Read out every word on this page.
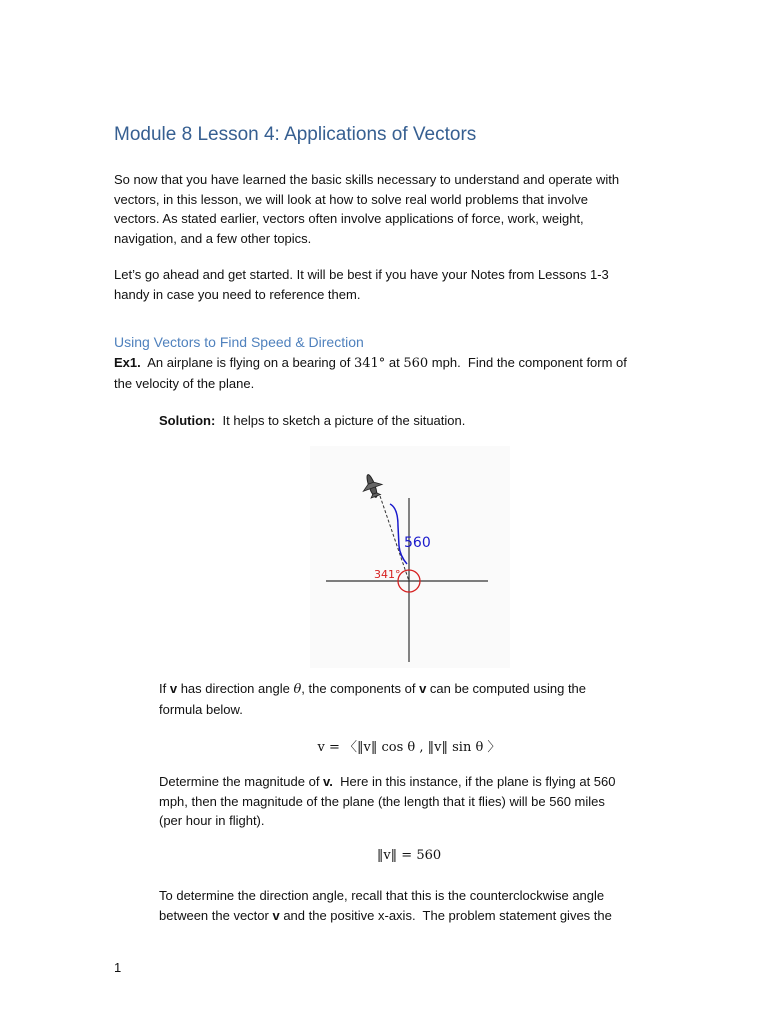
Module 8 Lesson 4: Applications of Vectors

So now that you have learned the basic skills necessary to understand and operate with

vectors, in this lesson, we will look at how to solve real world problems that involve

vectors. As stated earlier, vectors often involve applications of force, work, weight,

navigation, and a few other topics.

Let’s go ahead and get started. It will be best if you have your Notes from Lessons 1-3

handy in case you need to reference them.

Using Vectors to Find Speed & Direction

Ex1.  An airplane is flying on a bearing of 341° at 560 mph.  Find the component form of

the velocity of the plane.

Solution:  It helps to sketch a picture of the situation.
560
341°

If v has direction angle θ, the components of v can be computed using the

formula below.

v = 〈‖v‖ cos θ , ‖v‖ sin θ 〉

Determine the magnitude of v.  Here in this instance, if the plane is flying at 560

mph, then the magnitude of the plane (the length that it flies) will be 560 miles

(per hour in flight).

‖v‖ = 560

To determine the direction angle, recall that this is the counterclockwise angle

between the vector v and the positive x-axis.  The problem statement gives the

1
